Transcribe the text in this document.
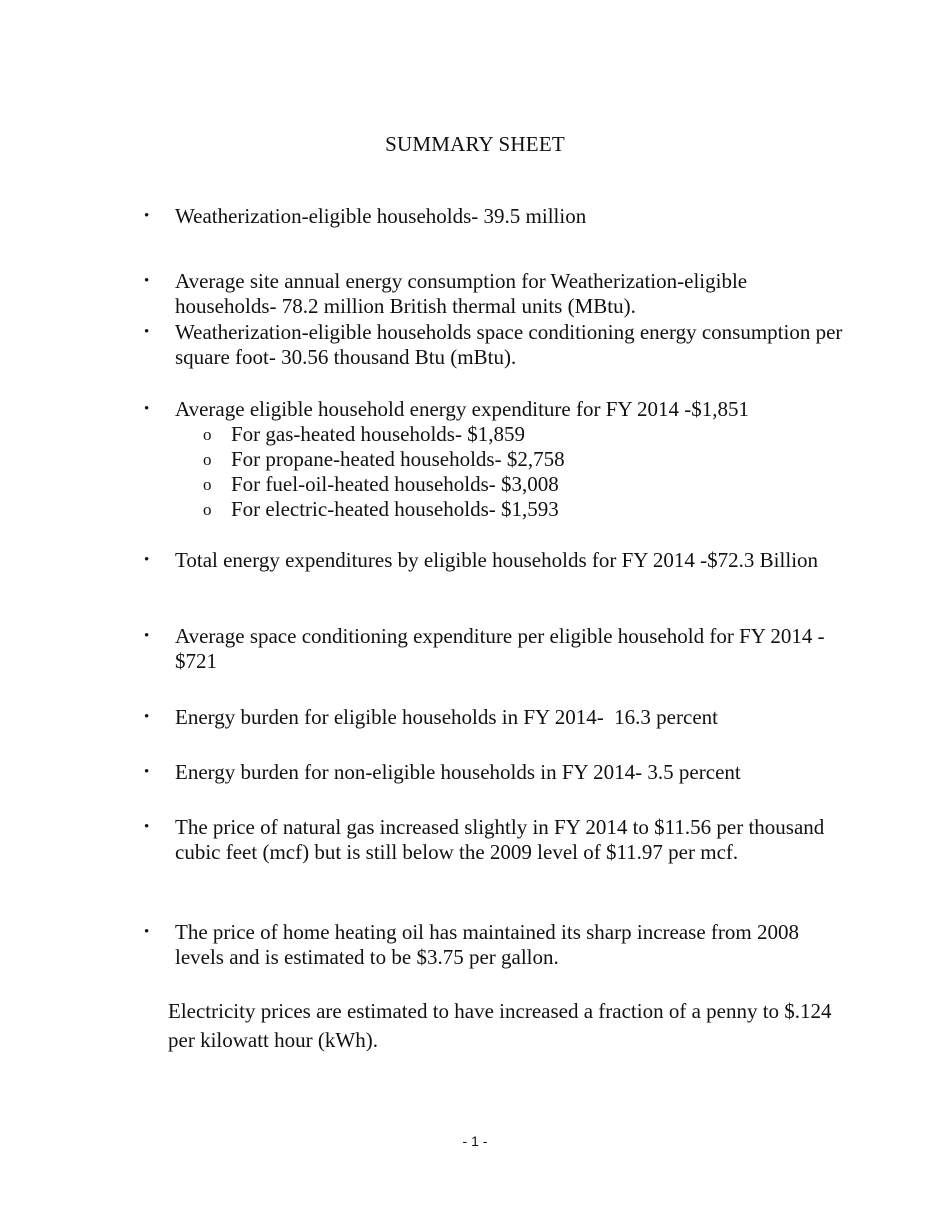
SUMMARY SHEET
• Weatherization-eligible households- 39.5 million
• Average site annual energy consumption for Weatherization-eligible households- 78.2 million British thermal units (MBtu).
• Weatherization-eligible households space conditioning energy consumption per square foot- 30.56 thousand Btu (mBtu).
• Average eligible household energy expenditure for FY 2014 -$1,851
o For gas-heated households- $1,859
o For propane-heated households- $2,758
o For fuel-oil-heated households- $3,008
o For electric-heated households- $1,593
• Total energy expenditures by eligible households for FY 2014 -$72.3 Billion
• Average space conditioning expenditure per eligible household for FY 2014 - $721
• Energy burden for eligible households in FY 2014-  16.3 percent
• Energy burden for non-eligible households in FY 2014- 3.5 percent
• The price of natural gas increased slightly in FY 2014 to $11.56 per thousand cubic feet (mcf) but is still below the 2009 level of $11.97 per mcf.
• The price of home heating oil has maintained its sharp increase from 2008 levels and is estimated to be $3.75 per gallon.
Electricity prices are estimated to have increased a fraction of a penny to $.124 per kilowatt hour (kWh).
- 1 -
